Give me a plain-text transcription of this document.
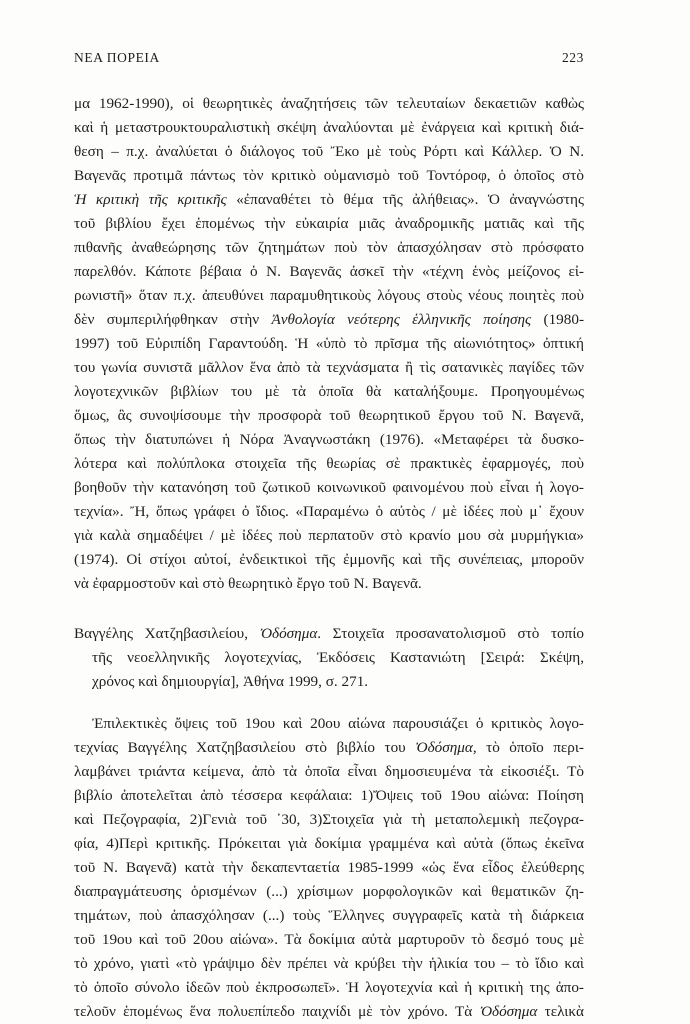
ΝΕΑ ΠΟΡΕΙΑ	223
μα 1962-1990), οἱ θεωρητικὲς ἀναζητήσεις τῶν τελευταίων δεκαετιῶν καθὼς
καὶ ἡ μεταστρουκτουραλιστικὴ σκέψη ἀναλύονται μὲ ἐνάργεια καὶ κριτικὴ διά-
θεση – π.χ. ἀναλύεται ὁ διάλογος τοῦ Ἔκο μὲ τοὺς Ρόρτι καὶ Κάλλερ. Ὁ Ν.
Βαγενᾶς προτιμᾶ πάντως τὸν κριτικὸ οὐμανισμὸ τοῦ Τοντόροφ, ὁ ὁποῖος στὸ
Ἡ κριτικὴ τῆς κριτικῆς «ἐπαναθέτει τὸ θέμα τῆς ἀλήθειας». Ὁ ἀναγνώστης
τοῦ βιβλίου ἔχει ἑπομένως τὴν εὐκαιρία μιᾶς ἀναδρομικῆς ματιᾶς καὶ τῆς
πιθανῆς ἀναθεώρησης τῶν ζητημάτων ποὺ τὸν ἀπασχόλησαν στὸ πρόσφατο
παρελθόν. Κάποτε βέβαια ὁ Ν. Βαγενᾶς ἀσκεῖ τὴν «τέχνη ἑνὸς μείζονος εἰ-
ρωνιστῆ» ὅταν π.χ. ἀπευθύνει παραμυθητικοὺς λόγους στοὺς νέους ποιητὲς ποὺ
δὲν συμπεριλήφθηκαν στὴν Ἀνθολογία νεότερης ἑλληνικῆς ποίησης (1980-
1997) τοῦ Εὐριπίδη Γαραντούδη. Ἡ «ὑπὸ τὸ πρῖσμα τῆς αἰωνιότητος» ὀπτική
του γωνία συνιστᾶ μᾶλλον ἕνα ἀπὸ τὰ τεχνάσματα ἢ τὶς σατανικὲς παγίδες τῶν
λογοτεχνικῶν βιβλίων του μὲ τὰ ὁποῖα θὰ καταλήξουμε. Προηγουμένως
ὅμως, ἂς συνοψίσουμε τὴν προσφορὰ τοῦ θεωρητικοῦ ἔργου τοῦ Ν. Βαγενᾶ,
ὅπως τὴν διατυπώνει ἡ Νόρα Ἀναγνωστάκη (1976). «Μεταφέρει τὰ δυσκο-
λότερα καὶ πολύπλοκα στοιχεῖα τῆς θεωρίας σὲ πρακτικὲς ἐφαρμογές, ποὺ
βοηθοῦν τὴν κατανόηση τοῦ ζωτικοῦ κοινωνικοῦ φαινομένου ποὺ εἶναι ἡ λογο-
τεχνία». Ἤ, ὅπως γράφει ὁ ἴδιος. «Παραμένω ὁ αὐτὸς / μὲ ἰδέες ποὺ μ᾽ ἔχουν
γιὰ καλὰ σημαδέψει / μὲ ἰδέες ποὺ περπατοῦν στὸ κρανίο μου σὰ μυρμήγκια»
(1974). Οἱ στίχοι αὐτοί, ἐνδεικτικοὶ τῆς ἐμμονῆς καὶ τῆς συνέπειας, μποροῦν
νὰ ἐφαρμοστοῦν καὶ στὸ θεωρητικὸ ἔργο τοῦ Ν. Βαγενᾶ.
Βαγγέλης Χατζηβασιλείου, Ὀδόσημα. Στοιχεῖα προσανατολισμοῦ στὸ τοπίο
τῆς νεοελληνικῆς λογοτεχνίας, Ἐκδόσεις Καστανιώτη [Σειρά: Σκέψη,
χρόνος καὶ δημιουργία], Ἀθήνα 1999, σ. 271.
Ἐπιλεκτικὲς ὄψεις τοῦ 19ου καὶ 20ου αἰώνα παρουσιάζει ὁ κριτικὸς λογο-
τεχνίας Βαγγέλης Χατζηβασιλείου στὸ βιβλίο του Ὀδόσημα, τὸ ὁποῖο περι-
λαμβάνει τριάντα κείμενα, ἀπὸ τὰ ὁποῖα εἶναι δημοσιευμένα τὰ εἰκοσιέξι. Τὸ
βιβλίο ἀποτελεῖται ἀπὸ τέσσερα κεφάλαια: 1)Ὄψεις τοῦ 19ου αἰώνα: Ποίηση
καὶ Πεζογραφία, 2)Γενιὰ τοῦ ᾽30, 3)Στοιχεῖα γιὰ τὴ μεταπολεμικὴ πεζογρα-
φία, 4)Περὶ κριτικῆς. Πρόκειται γιὰ δοκίμια γραμμένα καὶ αὐτὰ (ὅπως ἐκεῖνα
τοῦ Ν. Βαγενᾶ) κατὰ τὴν δεκαπενταετία 1985-1999 «ὡς ἕνα εἶδος ἐλεύθερης
διαπραγμάτευσης ὁρισμένων (...) χρίσιμων μορφολογικῶν καὶ θεματικῶν ζη-
τημάτων, ποὺ ἀπασχόλησαν (...) τοὺς Ἕλληνες συγγραφεῖς κατὰ τὴ διάρκεια
τοῦ 19ου καὶ τοῦ 20ου αἰώνα». Τὰ δοκίμια αὐτὰ μαρτυροῦν τὸ δεσμό τους μὲ
τὸ χρόνο, γιατὶ «τὸ γράψιμο δὲν πρέπει νὰ κρύβει τὴν ἡλικία του – τὸ ἴδιο καὶ
τὸ ὁποῖο σύνολο ἰδεῶν ποὺ ἐκπροσωπεῖ». Ἡ λογοτεχνία καὶ ἡ κριτικὴ της ἀπο-
τελοῦν ἑπομένως ἕνα πολυεπίπεδο παιχνίδι μὲ τὸν χρόνο. Τὰ Ὀδόσημα τελικὰ
